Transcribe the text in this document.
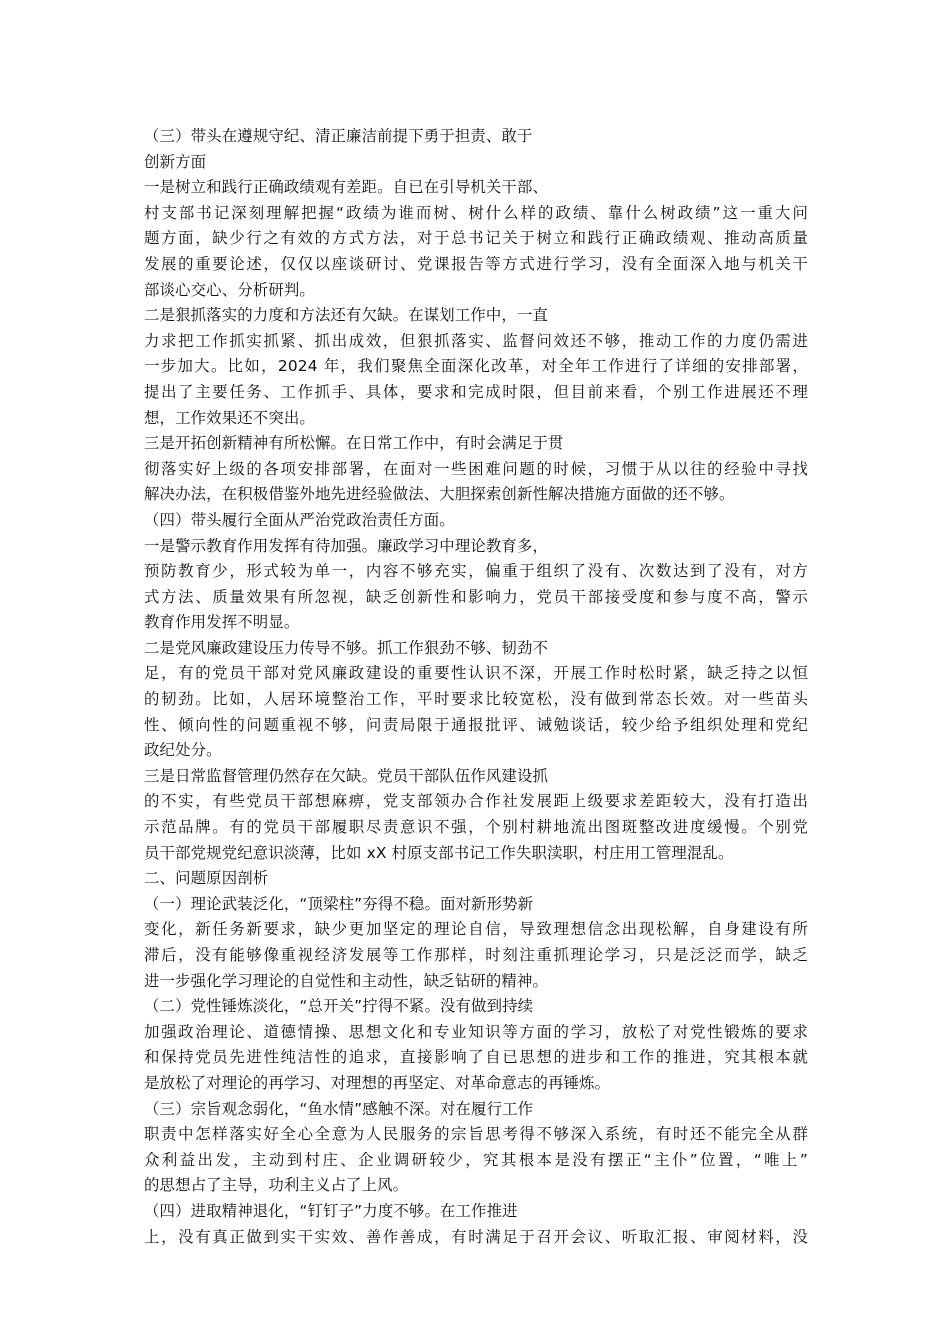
（三）带头在遵规守纪、清正廉洁前提下勇于担责、敢于
创新方面
一是树立和践行正确政绩观有差距。自已在引导机关干部、
村支部书记深刻理解把握“政绩为谁而树、树什么样的政绩、靠什么树政绩”这一重大问
题方面，缺少行之有效的方式方法，对于总书记关于树立和践行正确政绩观、推动高质量
发展的重要论述，仅仅以座谈研讨、党课报告等方式进行学习，没有全面深入地与机关干
部谈心交心、分析研判。
二是狠抓落实的力度和方法还有欠缺。在谋划工作中，一直
力求把工作抓实抓紧、抓出成效，但狠抓落实、监督问效还不够，推动工作的力度仍需进
一步加大。比如，2024 年，我们聚焦全面深化改革，对全年工作进行了详细的安排部署，
提出了主要任务、工作抓手、具体，要求和完成时限，但目前来看，个别工作进展还不理
想，工作效果还不突出。
三是开拓创新精神有所松懈。在日常工作中，有时会满足于贯
彻落实好上级的各项安排部署，在面对一些困难问题的时候，习惯于从以往的经验中寻找
解决办法，在积极借鉴外地先进经验做法、大胆探索创新性解决措施方面做的还不够。
（四）带头履行全面从严治党政治责任方面。
一是警示教育作用发挥有待加强。廉政学习中理论教育多，
预防教育少，形式较为单一，内容不够充实，偏重于组织了没有、次数达到了没有，对方
式方法、质量效果有所忽视，缺乏创新性和影响力，党员干部接受度和参与度不高，警示
教育作用发挥不明显。
二是党风廉政建设压力传导不够。抓工作狠劲不够、韧劲不
足，有的党员干部对党风廉政建设的重要性认识不深，开展工作时松时紧，缺乏持之以恒
的韧劲。比如，人居环境整治工作，平时要求比较宽松，没有做到常态长效。对一些苗头
性、倾向性的问题重视不够，问责局限于通报批评、诫勉谈话，较少给予组织处理和党纪
政纪处分。
三是日常监督管理仍然存在欠缺。党员干部队伍作风建设抓
的不实，有些党员干部想麻痹，党支部领办合作社发展距上级要求差距较大，没有打造出
示范品牌。有的党员干部履职尽责意识不强，个别村耕地流出图斑整改进度缓慢。个别党
员干部党规党纪意识淡薄，比如 xX 村原支部书记工作失职渎职，村庄用工管理混乱。
二、问题原因剖析
（一）理论武装泛化，“顶梁柱”夯得不稳。面对新形势新
变化，新任务新要求，缺少更加坚定的理论自信，导致理想信念出现松解，自身建设有所
滞后，没有能够像重视经济发展等工作那样，时刻注重抓理论学习，只是泛泛而学，缺乏
进一步强化学习理论的自觉性和主动性，缺乏钻研的精神。
（二）党性锤炼淡化，“总开关”拧得不紧。没有做到持续
加强政治理论、道德情操、思想文化和专业知识等方面的学习，放松了对党性锻炼的要求
和保持党员先进性纯洁性的追求，直接影响了自已思想的进步和工作的推进，究其根本就
是放松了对理论的再学习、对理想的再坚定、对革命意志的再锤炼。
（三）宗旨观念弱化，“鱼水情”感触不深。对在履行工作
职责中怎样落实好全心全意为人民服务的宗旨思考得不够深入系统，有时还不能完全从群
众利益出发，主动到村庄、企业调研较少，究其根本是没有摆正“主仆”位置，“唯上”
的思想占了主导，功利主义占了上风。
（四）进取精神退化，“钉钉子”力度不够。在工作推进
上，没有真正做到实干实效、善作善成，有时满足于召开会议、听取汇报、审阅材料，没
